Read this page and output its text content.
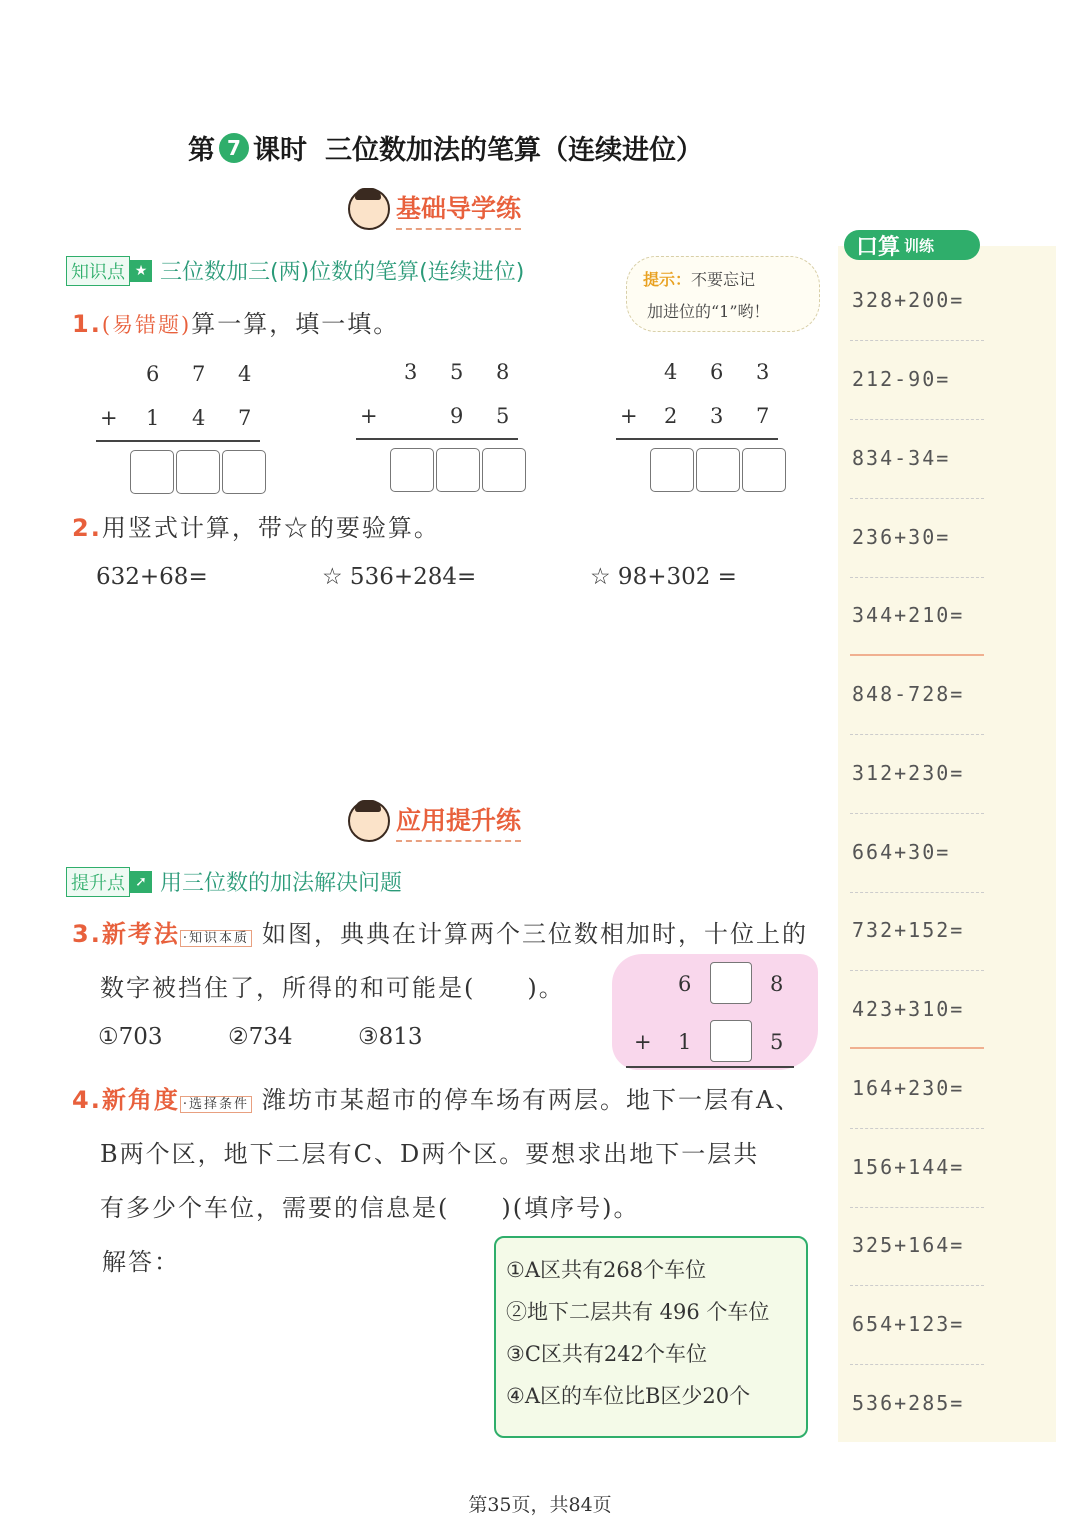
第 7 课时 三位数加法的笔算（连续进位）
基础导学练
知识点 ★ 三位数加三(两)位数的笔算(连续进位)	提示：不要忘记
加进位的“1”哟！
1.(易错题)算一算，填一填。
6 7 4
+ 1 4 7
3 5 8
+	9 5
4 6 3
+ 2 3 7
2.用竖式计算，带☆的要验算。
632+68=	☆ 536+284=	☆ 98+302 =
应用提升练
提升点 ➚ 用三位数的加法解决问题
3.新考法 ·知识本质 如图，典典在计算两个三位数相加时，十位上的
数字被挡住了，所得的和可能是(　　)。
①703	②734	③813
6	8
+ 1	5
4.新角度 ·选择条件 潍坊市某超市的停车场有两层。地下一层有A、
B两个区，地下二层有C、D两个区。要想求出地下一层共
有多少个车位，需要的信息是(　　)(填序号)。
解答：	①A区共有268个车位
②地下二层共有 496 个车位
③C区共有242个车位
④A区的车位比B区少20个
口算 训练
328+200=
212-90=
834-34=
236+30=
344+210=
848-728=
312+230=
664+30=
732+152=
423+310=
164+230=
156+144=
325+164=
654+123=
536+285=
第35页，共84页
